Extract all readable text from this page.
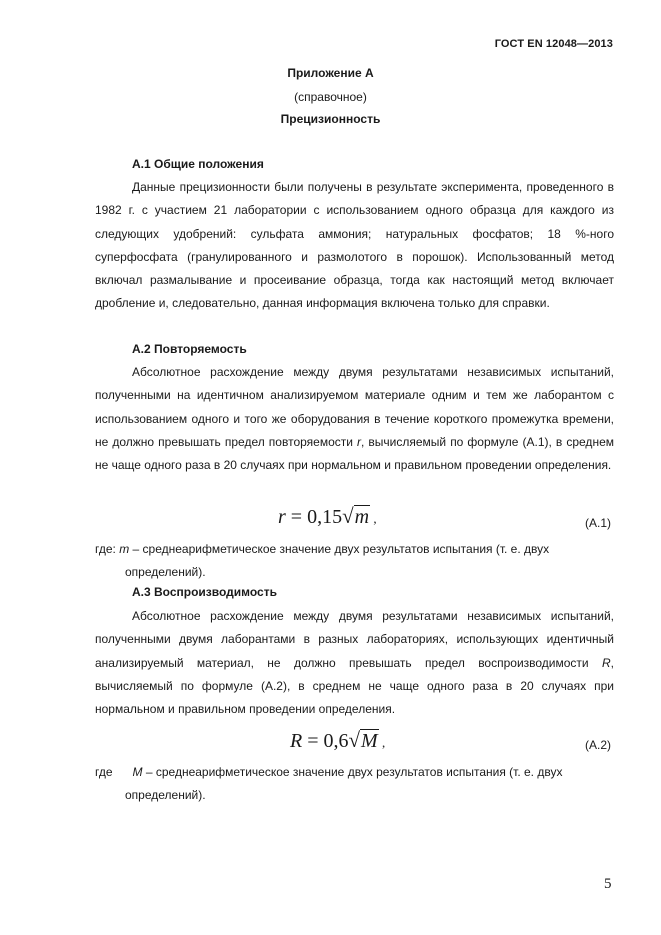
ГОСТ EN 12048—2013
Приложение А
(справочное)
Прецизионность
А.1 Общие положения
Данные прецизионности были получены в результате эксперимента, проведенного в 1982 г. с участием 21 лаборатории с использованием одного образца для каждого из следующих удобрений: сульфата аммония; натуральных фосфатов; 18 %-ного суперфосфата (гранулированного и размолотого в порошок). Использованный метод включал размалывание и просеивание образца, тогда как настоящий метод включает дробление и, следовательно, данная информация включена только для справки.
А.2 Повторяемость
Абсолютное расхождение между двумя результатами независимых испытаний, полученными на идентичном анализируемом материале одним и тем же лаборантом с использованием одного и того же оборудования в течение короткого промежутка времени, не должно превышать предел повторяемости r, вычисляемый по формуле (А.1), в среднем не чаще одного раза в 20 случаях при нормальном и правильном проведении определения.
r = 0,15√m ,	(А.1)
где: m – среднеарифметическое значение двух результатов испытания (т. е. двух
определений).
А.3 Воспроизводимость
Абсолютное расхождение между двумя результатами независимых испытаний, полученными двумя лаборантами в разных лабораториях, использующих идентичный анализируемый материал, не должно превышать предел воспроизводимости R, вычисляемый по формуле (А.2), в среднем не чаще одного раза в 20 случаях при нормальном и правильном проведении определения.
R = 0,6√M ,	(А.2)
где M – среднеарифметическое значение двух результатов испытания (т. е. двух
определений).
5
